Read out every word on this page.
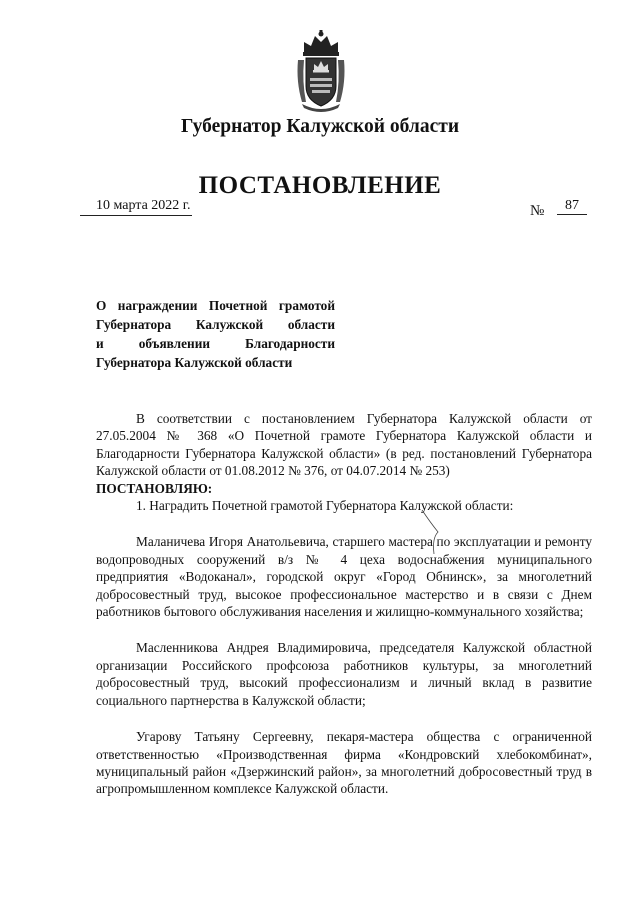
Губернатор Калужской области
ПОСТАНОВЛЕНИЕ
10 марта 2022 г.	№	87
О награждении Почетной грамотой
Губернатора Калужской области
и объявлении Благодарности
Губернатора Калужской области

В соответствии с постановлением Губернатора Калужской области от 27.05.2004 № 368 «О Почетной грамоте Губернатора Калужской области и Благодарности Губернатора Калужской области» (в ред. постановлений Губернатора Калужской области от 01.08.2012 № 376, от 04.07.2014 № 253)

ПОСТАНОВЛЯЮ:

1. Наградить Почетной грамотой Губернатора Калужской области:

Маланичева Игоря Анатольевича, старшего мастера по эксплуатации и ремонту водопроводных сооружений в/з № 4 цеха водоснабжения муниципального предприятия «Водоканал», городской округ «Город Обнинск», за многолетний добросовестный труд, высокое профессиональное мастерство и в связи с Днем работников бытового обслуживания населения и жилищно-коммунального хозяйства;

Масленникова Андрея Владимировича, председателя Калужской областной организации Российского профсоюза работников культуры, за многолетний добросовестный труд, высокий профессионализм и личный вклад в развитие социального партнерства в Калужской области;

Угарову Татьяну Сергеевну, пекаря-мастера общества с ограниченной ответственностью «Производственная фирма «Кондровский хлебокомбинат», муниципальный район «Дзержинский район», за многолетний добросовестный труд в агропромышленном комплексе Калужской области.
